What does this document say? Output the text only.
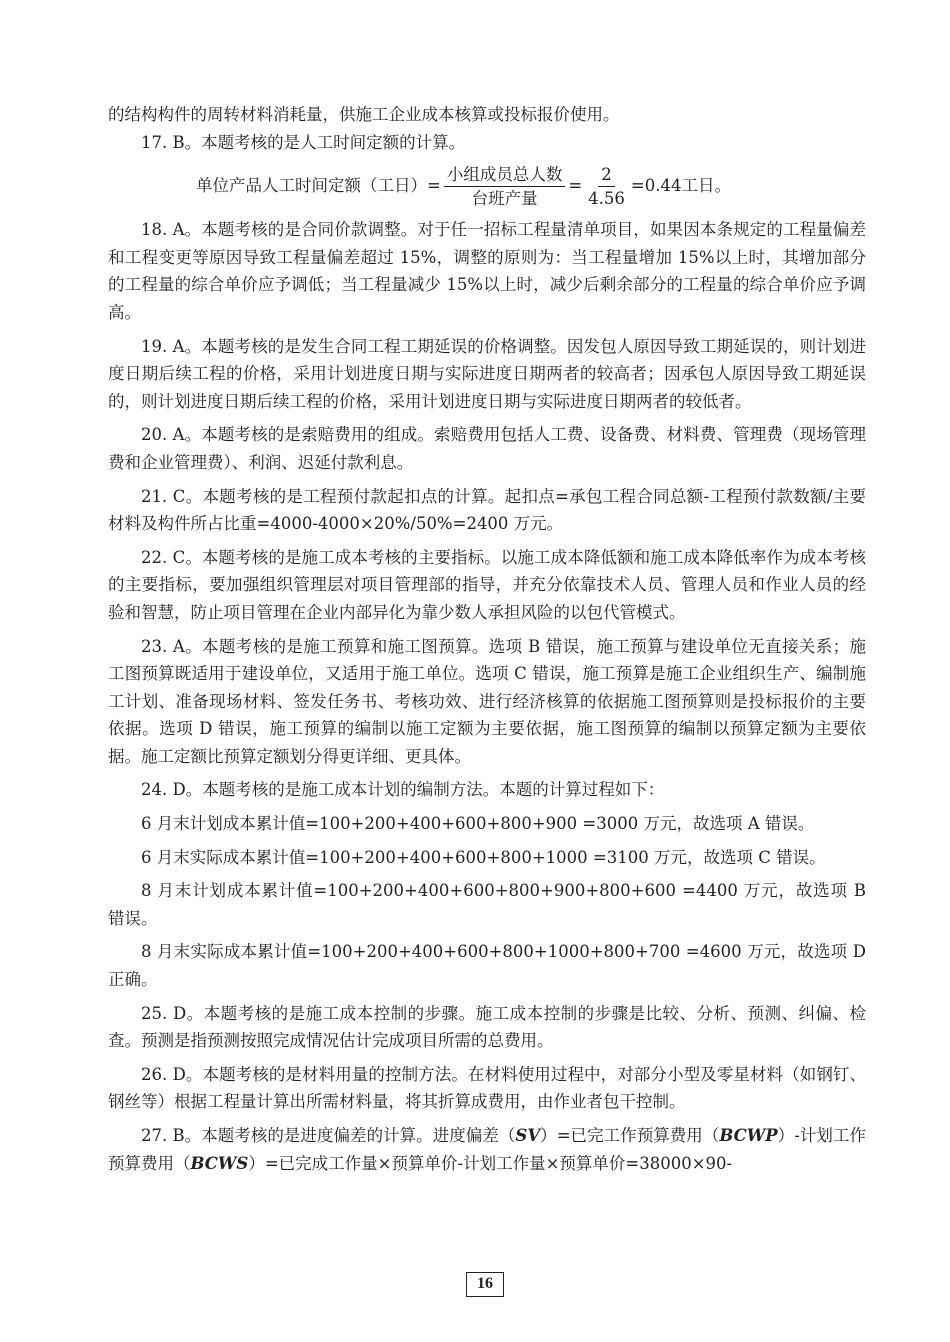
的结构构件的周转材料消耗量，供施工企业成本核算或投标报价使用。

17. B。本题考核的是人工时间定额的计算。

单位产品人工时间定额（工日）= $\frac{\text{小组成员总人数}}{\text{台班产量}} = \frac{2}{4.56} =0.44$工日。

18. A。本题考核的是合同价款调整。对于任一招标工程量清单项目，如果因本条规定的工程量偏差和工程变更等原因导致工程量偏差超过 15%，调整的原则为：当工程量增加 15%以上时，其增加部分的工程量的综合单价应予调低；当工程量减少 15%以上时，减少后剩余部分的工程量的综合单价应予调高。

19. A。本题考核的是发生合同工程工期延误的价格调整。因发包人原因导致工期延误的，则计划进度日期后续工程的价格，采用计划进度日期与实际进度日期两者的较高者；因承包人原因导致工期延误的，则计划进度日期后续工程的价格，采用计划进度日期与实际进度日期两者的较低者。

20. A。本题考核的是索赔费用的组成。索赔费用包括人工费、设备费、材料费、管理费（现场管理费和企业管理费）、利润、迟延付款利息。

21. C。本题考核的是工程预付款起扣点的计算。起扣点=承包工程合同总额-工程预付款数额/主要材料及构件所占比重=4000-4000×20%/50%=2400 万元。

22. C。本题考核的是施工成本考核的主要指标。以施工成本降低额和施工成本降低率作为成本考核的主要指标，要加强组织管理层对项目管理部的指导，并充分依靠技术人员、管理人员和作业人员的经验和智慧，防止项目管理在企业内部异化为靠少数人承担风险的以包代管模式。

23. A。本题考核的是施工预算和施工图预算。选项 B 错误，施工预算与建设单位无直接关系；施工图预算既适用于建设单位，又适用于施工单位。选项 C 错误，施工预算是施工企业组织生产、编制施工计划、准备现场材料、签发任务书、考核功效、进行经济核算的依据施工图预算则是投标报价的主要依据。选项 D 错误，施工预算的编制以施工定额为主要依据，施工图预算的编制以预算定额为主要依据。施工定额比预算定额划分得更详细、更具体。

24. D。本题考核的是施工成本计划的编制方法。本题的计算过程如下：

6 月末计划成本累计值=100+200+400+600+800+900 =3000 万元，故选项 A 错误。

6 月末实际成本累计值=100+200+400+600+800+1000 =3100 万元，故选项 C 错误。

8 月末计划成本累计值=100+200+400+600+800+900+800+600 =4400 万元，故选项 B 错误。

8 月末实际成本累计值=100+200+400+600+800+1000+800+700 =4600 万元，故选项 D 正确。

25. D。本题考核的是施工成本控制的步骤。施工成本控制的步骤是比较、分析、预测、纠偏、检查。预测是指预测按照完成情况估计完成项目所需的总费用。

26. D。本题考核的是材料用量的控制方法。在材料使用过程中，对部分小型及零星材料（如钢钉、钢丝等）根据工程量计算出所需材料量，将其折算成费用，由作业者包干控制。

27. B。本题考核的是进度偏差的计算。进度偏差（SV）=已完工作预算费用（BCWP）-计划工作预算费用（BCWS）=已完成工作量×预算单价-计划工作量×预算单价=38000×90-

16
